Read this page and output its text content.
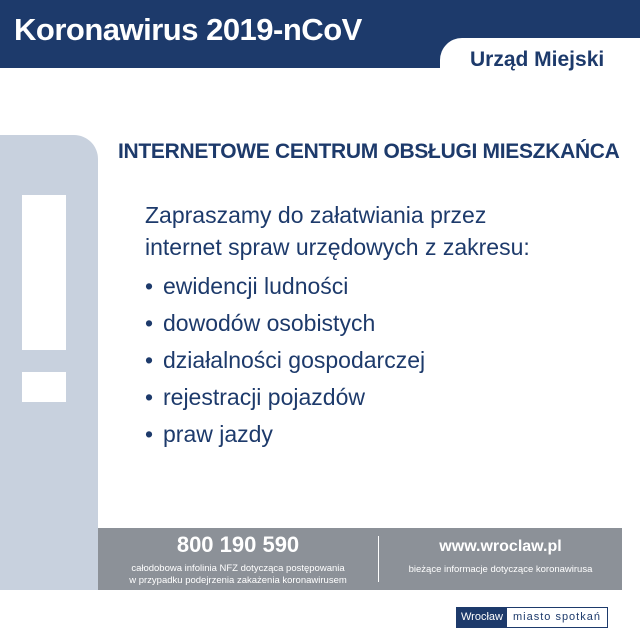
Koronawirus 2019-nCoV
Urząd Miejski
INTERNETOWE CENTRUM OBSŁUGI MIESZKAŃCA
Zapraszamy do załatwiania przez
internet spraw urzędowych z zakresu:
• ewidencji ludności
• dowodów osobistych
• działalności gospodarczej
• rejestracji pojazdów
• praw jazdy
800 190 590
całodobowa infolinia NFZ dotycząca postępowania
w przypadku podejrzenia zakażenia koronawirusem
www.wroclaw.pl
bieżące informacje dotyczące koronawirusa
Wrocław miasto spotkań
